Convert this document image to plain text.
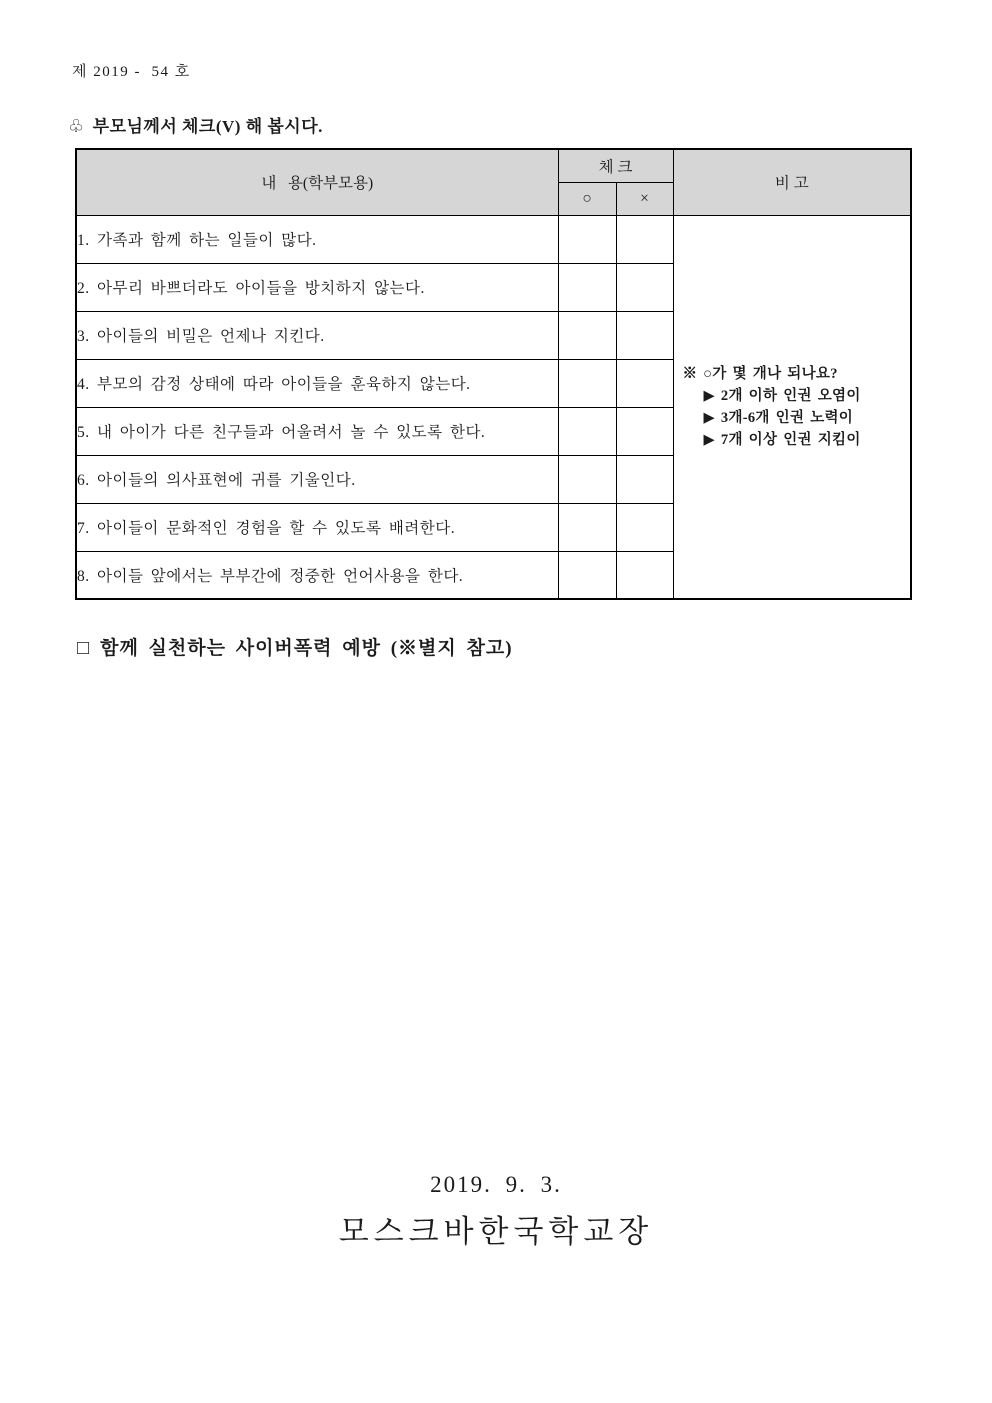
제 2019 -  54 호
♧ 부모님께서 체크(V) 해 봅시다.
내   용(학부모용)	체 크		비 고
	○	×	
1. 가족과 함께 하는 일들이 많다.			※ ○가 몇 개나 되나요?
▶ 2개 이하 인권 오염이
▶ 3개-6개 인권 노력이
▶ 7개 이상 인권 지킴이

2. 아무리 바쁘더라도 아이들을 방치하지 않는다.			
3. 아이들의 비밀은 언제나 지킨다.			
4. 부모의 감정 상태에 따라 아이들을 훈육하지 않는다.			
5. 내 아이가 다른 친구들과 어울려서 놀 수 있도록 한다.			
6. 아이들의 의사표현에 귀를 기울인다.			
7. 아이들이 문화적인 경험을 할 수 있도록 배려한다.			
8. 아이들 앞에서는 부부간에 정중한 언어사용을 한다.			
□ 함께 실천하는 사이버폭력 예방 (※별지 참고)
2019. 9. 3.
모스크바한국학교장
